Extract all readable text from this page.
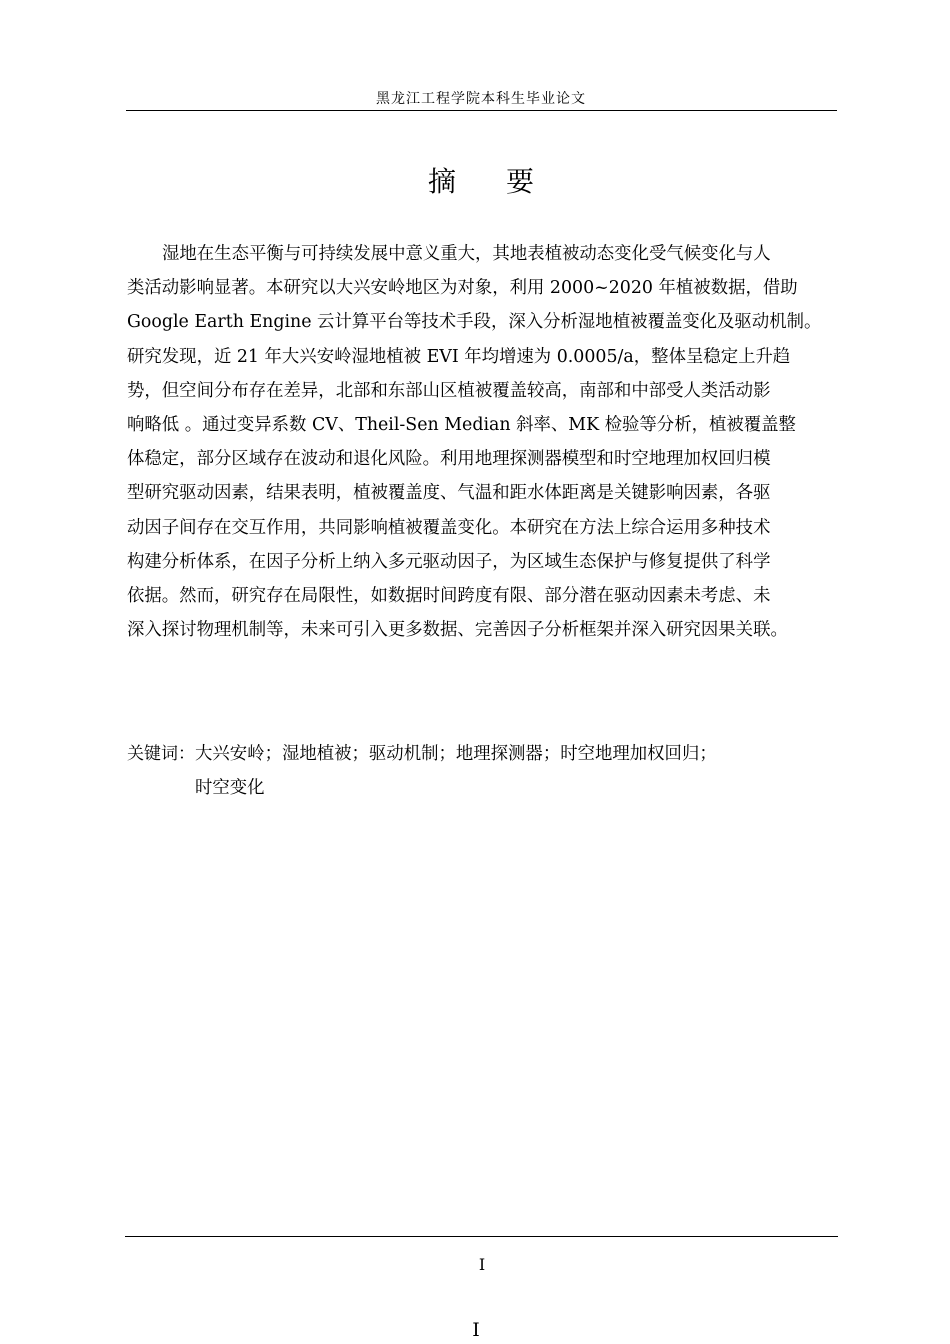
黑龙江工程学院本科生毕业论文
摘 要
湿地在生态平衡与可持续发展中意义重大，其地表植被动态变化受气候变化与人
类活动影响显著。本研究以大兴安岭地区为对象，利用 2000~2020 年植被数据，借助
Google Earth Engine 云计算平台等技术手段，深入分析湿地植被覆盖变化及驱动机制。
研究发现，近 21 年大兴安岭湿地植被 EVI 年均增速为 0.0005/a，整体呈稳定上升趋
势，但空间分布存在差异，北部和东部山区植被覆盖较高，南部和中部受人类活动影
响略低 。通过变异系数 CV、Theil-Sen Median 斜率、MK 检验等分析，植被覆盖整
体稳定，部分区域存在波动和退化风险。利用地理探测器模型和时空地理加权回归模
型研究驱动因素，结果表明，植被覆盖度、气温和距水体距离是关键影响因素，各驱
动因子间存在交互作用，共同影响植被覆盖变化。本研究在方法上综合运用多种技术
构建分析体系，在因子分析上纳入多元驱动因子，为区域生态保护与修复提供了科学
依据。然而，研究存在局限性，如数据时间跨度有限、部分潜在驱动因素未考虑、未
深入探讨物理机制等，未来可引入更多数据、完善因子分析框架并深入研究因果关联。
关键词：大兴安岭；湿地植被；驱动机制；地理探测器；时空地理加权回归；
时空变化
I
I
